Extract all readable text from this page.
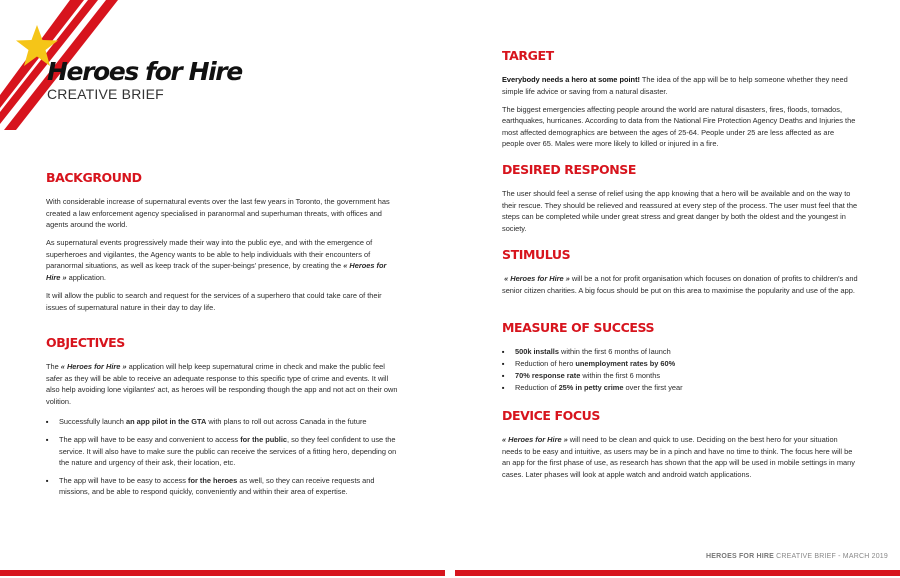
Heroes for Hire
CREATIVE BRIEF
BACKGROUND

With considerable increase of supernatural events over the last few years in Toronto, the government has created a law enforcement agency specialised in paranormal and superhuman threats, with offices and agents around the world.

As supernatural events progressively made their way into the public eye, and with the emergence of superheroes and vigilantes, the Agency wants to be able to help individuals with their encounters of paranormal situations, as well as keep track of the super-beings' presence, by creating the « Heroes for Hire » application.

It will allow the public to search and request for the services of a superhero that could take care of their issues of supernatural nature in their day to day life.

OBJECTIVES

The « Heroes for Hire » application will help keep supernatural crime in check and make the public feel safer as they will be able to receive an adequate response to this specific type of crime and events. It will also help avoiding lone vigilantes' act, as heroes will be responding though the app and not act on their own volition.

■ Successfully launch an app pilot in the GTA with plans to roll out across Canada in the future
■ The app will have to be easy and convenient to access for the public, so they feel confident to use the service. It will also have to make sure the public can receive the services of a fitting hero, depending on the nature and urgency of their ask, their location, etc.
■ The app will have to be easy to access for the heroes as well, so they can receive requests and missions, and be able to respond quickly, conveniently and within their area of expertise.
TARGET

Everybody needs a hero at some point! The idea of the app will be to help someone whether they need simple life advice or saving from a natural disaster.

The biggest emergencies affecting people around the world are natural disasters, fires, floods, tornados, earthquakes, hurricanes. According to data from the National Fire Protection Agency Deaths and Injuries the most affected demographics are between the ages of 25-64. People under 25 are less affected as are people over 65. Males were more likely to killed or injured in a fire.

DESIRED RESPONSE

The user should feel a sense of relief using the app knowing that a hero will be available and on the way to their rescue. They should be relieved and reassured at every step of the process. The user must feel that the steps can be completed while under great stress and great danger by both the oldest and the youngest in society.

STIMULUS

« Heroes for Hire » will be a not for profit organisation which focuses on donation of profits to children's and senior citizen charities. A big focus should be put on this area to maximise the popularity and use of the app.

MEASURE OF SUCCESS
■ 500k installs within the first 6 months of launch
■ Reduction of hero unemployment rates by 60%
■ 70% response rate within the first 6 months
■ Reduction of 25% in petty crime over the first year
DEVICE FOCUS

« Heroes for Hire » will need to be clean and quick to use. Deciding on the best hero for your situation needs to be easy and intuitive, as users may be in a pinch and have no time to think. The focus here will be an app for the first phase of use, as research has shown that the app will be used in mobile settings in many cases. Later phases will look at apple watch and android watch applications.

HEROES FOR HIRE CREATIVE BRIEF - MARCH 2019
